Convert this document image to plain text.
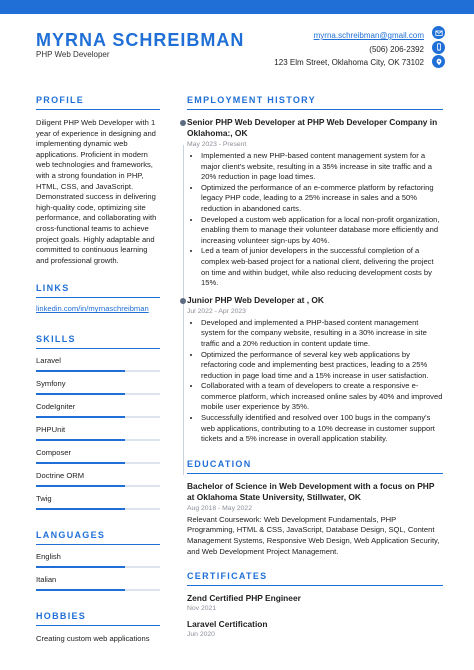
MYRNA SCHREIBMAN
PHP Web Developer
myrna.schreibman@gmail.com
(506) 206-2392
123 Elm Street, Oklahoma City, OK 73102
PROFILE
Diligent PHP Web Developer with 1 year of experience in designing and implementing dynamic web applications. Proficient in modern web technologies and frameworks, with a strong foundation in PHP, HTML, CSS, and JavaScript. Demonstrated success in delivering high-quality code, optimizing site performance, and collaborating with cross-functional teams to achieve project goals. Highly adaptable and committed to continuous learning and professional growth.
LINKS
linkedin.com/in/myrnaschreibman
SKILLS
Laravel
Symfony
CodeIgniter
PHPUnit
Composer
Doctrine ORM
Twig
LANGUAGES
English
Italian
HOBBIES
Creating custom web applications
EMPLOYMENT HISTORY
Senior PHP Web Developer at PHP Web Developer Company in Oklahoma:, OK
May 2023 - Present
• Implemented a new PHP-based content management system for a major client's website, resulting in a 35% increase in site traffic and a 20% reduction in page load times.
• Optimized the performance of an e-commerce platform by refactoring legacy PHP code, leading to a 25% increase in sales and a 50% reduction in abandoned carts.
• Developed a custom web application for a local non-profit organization, enabling them to manage their volunteer database more efficiently and increasing volunteer sign-ups by 40%.
• Led a team of junior developers in the successful completion of a complex web-based project for a national client, delivering the project on time and within budget, while also reducing development costs by 15%.
Junior PHP Web Developer at , OK
Jul 2022 - Apr 2023
• Developed and implemented a PHP-based content management system for the company website, resulting in a 30% increase in site traffic and a 20% reduction in content update time.
• Optimized the performance of several key web applications by refactoring code and implementing best practices, leading to a 25% reduction in page load time and a 15% increase in user satisfaction.
• Collaborated with a team of developers to create a responsive e-commerce platform, which increased online sales by 40% and improved mobile user experience by 35%.
• Successfully identified and resolved over 100 bugs in the company's web applications, contributing to a 10% decrease in customer support tickets and a 5% increase in overall application stability.
EDUCATION
Bachelor of Science in Web Development with a focus on PHP at Oklahoma State University, Stillwater, OK
Aug 2018 - May 2022
Relevant Coursework: Web Development Fundamentals, PHP Programming, HTML & CSS, JavaScript, Database Design, SQL, Content Management Systems, Responsive Web Design, Web Application Security, and Web Development Project Management.
CERTIFICATES
Zend Certified PHP Engineer
Nov 2021
Laravel Certification
Jun 2020
